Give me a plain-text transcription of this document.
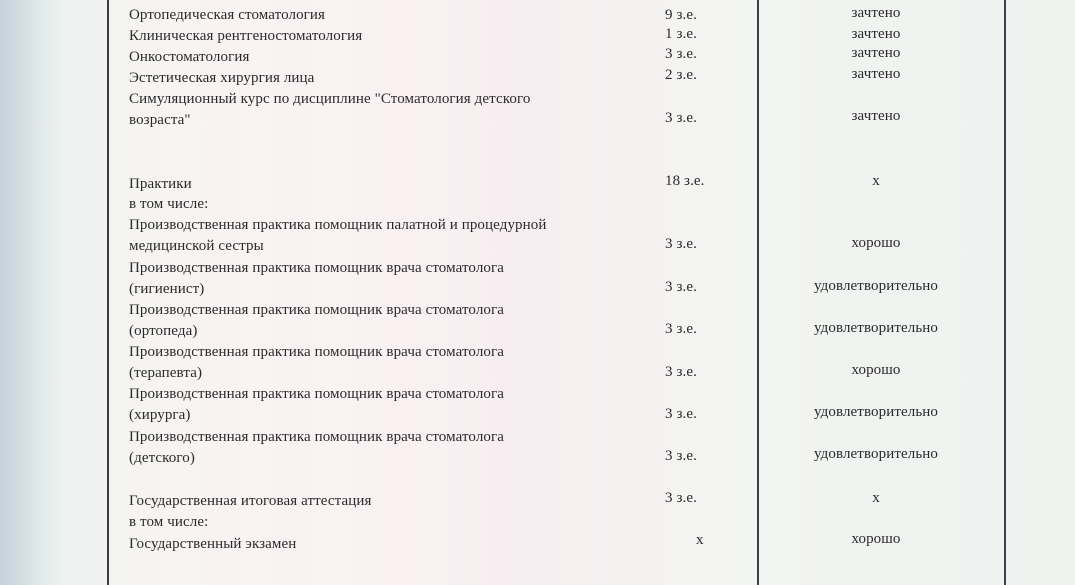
Ортопедическая стоматология	9 з.е.	зачтено
Клиническая рентгеностоматология	1 з.е.	зачтено
Онкостоматология	3 з.е.	зачтено
Эстетическая хирургия лица	2 з.е.	зачтено
Симуляционный курс по дисциплине "Стоматология детского
возраста"	3 з.е.	зачтено
Практики
в том числе:
18 з.е.	х
Производственная практика помощник палатной и процедурной
медицинской сестры	3 з.е.	хорошо
Производственная практика помощник врача стоматолога
(гигиенист)	3 з.е.	удовлетворительно
Производственная практика помощник врача стоматолога
(ортопеда)	3 з.е.	удовлетворительно
Производственная практика помощник врача стоматолога
(терапевта)	3 з.е.	хорошо
Производственная практика помощник врача стоматолога
(хирурга)	3 з.е.	удовлетворительно
Производственная практика помощник врача стоматолога
(детского)	3 з.е.	удовлетворительно
Государственная итоговая аттестация
в том числе:
3 з.е.	х
Государственный экзамен	х	хорошо
